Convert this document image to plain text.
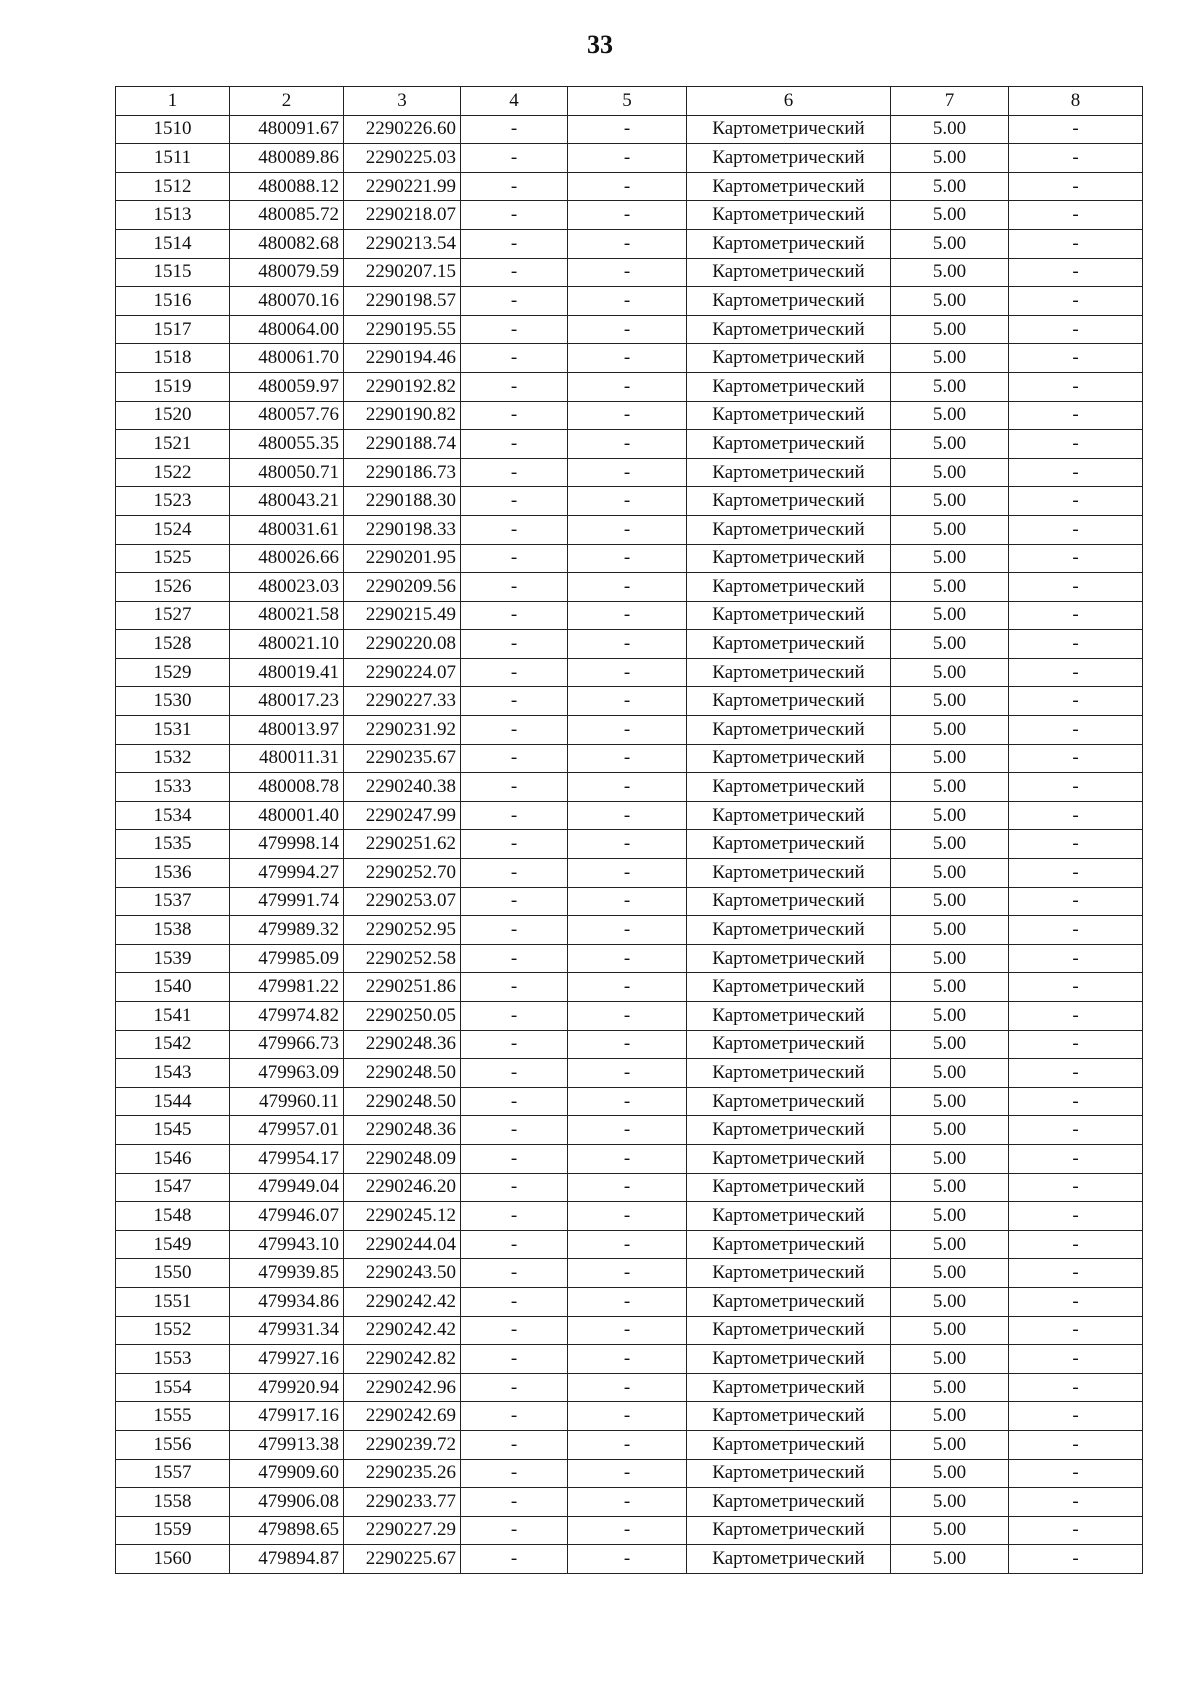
33
1	2	3	4	5	6	7	8
1510	480091.67	2290226.60	-	-	Картометрический	5.00	-
1511	480089.86	2290225.03	-	-	Картометрический	5.00	-
1512	480088.12	2290221.99	-	-	Картометрический	5.00	-
1513	480085.72	2290218.07	-	-	Картометрический	5.00	-
1514	480082.68	2290213.54	-	-	Картометрический	5.00	-
1515	480079.59	2290207.15	-	-	Картометрический	5.00	-
1516	480070.16	2290198.57	-	-	Картометрический	5.00	-
1517	480064.00	2290195.55	-	-	Картометрический	5.00	-
1518	480061.70	2290194.46	-	-	Картометрический	5.00	-
1519	480059.97	2290192.82	-	-	Картометрический	5.00	-
1520	480057.76	2290190.82	-	-	Картометрический	5.00	-
1521	480055.35	2290188.74	-	-	Картометрический	5.00	-
1522	480050.71	2290186.73	-	-	Картометрический	5.00	-
1523	480043.21	2290188.30	-	-	Картометрический	5.00	-
1524	480031.61	2290198.33	-	-	Картометрический	5.00	-
1525	480026.66	2290201.95	-	-	Картометрический	5.00	-
1526	480023.03	2290209.56	-	-	Картометрический	5.00	-
1527	480021.58	2290215.49	-	-	Картометрический	5.00	-
1528	480021.10	2290220.08	-	-	Картометрический	5.00	-
1529	480019.41	2290224.07	-	-	Картометрический	5.00	-
1530	480017.23	2290227.33	-	-	Картометрический	5.00	-
1531	480013.97	2290231.92	-	-	Картометрический	5.00	-
1532	480011.31	2290235.67	-	-	Картометрический	5.00	-
1533	480008.78	2290240.38	-	-	Картометрический	5.00	-
1534	480001.40	2290247.99	-	-	Картометрический	5.00	-
1535	479998.14	2290251.62	-	-	Картометрический	5.00	-
1536	479994.27	2290252.70	-	-	Картометрический	5.00	-
1537	479991.74	2290253.07	-	-	Картометрический	5.00	-
1538	479989.32	2290252.95	-	-	Картометрический	5.00	-
1539	479985.09	2290252.58	-	-	Картометрический	5.00	-
1540	479981.22	2290251.86	-	-	Картометрический	5.00	-
1541	479974.82	2290250.05	-	-	Картометрический	5.00	-
1542	479966.73	2290248.36	-	-	Картометрический	5.00	-
1543	479963.09	2290248.50	-	-	Картометрический	5.00	-
1544	479960.11	2290248.50	-	-	Картометрический	5.00	-
1545	479957.01	2290248.36	-	-	Картометрический	5.00	-
1546	479954.17	2290248.09	-	-	Картометрический	5.00	-
1547	479949.04	2290246.20	-	-	Картометрический	5.00	-
1548	479946.07	2290245.12	-	-	Картометрический	5.00	-
1549	479943.10	2290244.04	-	-	Картометрический	5.00	-
1550	479939.85	2290243.50	-	-	Картометрический	5.00	-
1551	479934.86	2290242.42	-	-	Картометрический	5.00	-
1552	479931.34	2290242.42	-	-	Картометрический	5.00	-
1553	479927.16	2290242.82	-	-	Картометрический	5.00	-
1554	479920.94	2290242.96	-	-	Картометрический	5.00	-
1555	479917.16	2290242.69	-	-	Картометрический	5.00	-
1556	479913.38	2290239.72	-	-	Картометрический	5.00	-
1557	479909.60	2290235.26	-	-	Картометрический	5.00	-
1558	479906.08	2290233.77	-	-	Картометрический	5.00	-
1559	479898.65	2290227.29	-	-	Картометрический	5.00	-
1560	479894.87	2290225.67	-	-	Картометрический	5.00	-
